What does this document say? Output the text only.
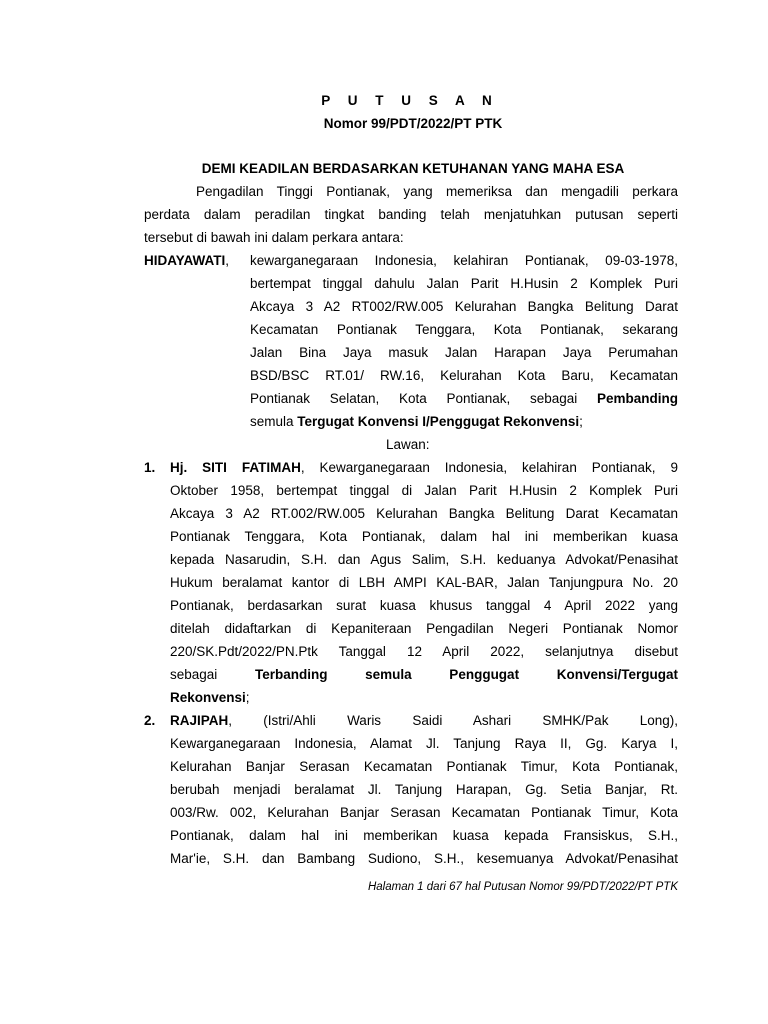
P U T U S A N
Nomor 99/PDT/2022/PT PTK
DEMI KEADILAN BERDASARKAN KETUHANAN YANG MAHA ESA
Pengadilan Tinggi Pontianak, yang memeriksa dan mengadili perkara
perdata dalam peradilan tingkat banding telah menjatuhkan putusan seperti
tersebut di bawah ini dalam perkara antara:
HIDAYAWATI, kewarganegaraan Indonesia, kelahiran Pontianak, 09-03-1978,
bertempat tinggal dahulu Jalan Parit H.Husin 2 Komplek Puri
Akcaya 3 A2 RT002/RW.005 Kelurahan Bangka Belitung Darat
Kecamatan Pontianak Tenggara, Kota Pontianak, sekarang
Jalan Bina Jaya masuk Jalan Harapan Jaya Perumahan
BSD/BSC RT.01/ RW.16, Kelurahan Kota Baru, Kecamatan
Pontianak Selatan, Kota Pontianak, sebagai Pembanding
semula Tergugat Konvensi I/Penggugat Rekonvensi;
Lawan:
1. Hj. SITI FATIMAH, Kewarganegaraan Indonesia, kelahiran Pontianak, 9
Oktober 1958, bertempat tinggal di Jalan Parit H.Husin 2 Komplek Puri
Akcaya 3 A2 RT.002/RW.005 Kelurahan Bangka Belitung Darat Kecamatan
Pontianak Tenggara, Kota Pontianak, dalam hal ini memberikan kuasa
kepada Nasarudin, S.H. dan Agus Salim, S.H. keduanya Advokat/Penasihat
Hukum beralamat kantor di LBH AMPI KAL-BAR, Jalan Tanjungpura No. 20
Pontianak, berdasarkan surat kuasa khusus tanggal 4 April 2022 yang
ditelah didaftarkan di Kepaniteraan Pengadilan Negeri Pontianak Nomor
220/SK.Pdt/2022/PN.Ptk Tanggal 12 April 2022, selanjutnya disebut
sebagai	Terbanding semula Penggugat Konvensi/Tergugat
Rekonvensi;
2. RAJIPAH, (Istri/Ahli Waris Saidi Ashari SMHK/Pak Long),
Kewarganegaraan Indonesia, Alamat Jl. Tanjung Raya II, Gg. Karya I,
Kelurahan Banjar Serasan Kecamatan Pontianak Timur, Kota Pontianak,
berubah menjadi beralamat Jl. Tanjung Harapan, Gg. Setia Banjar, Rt.
003/Rw. 002, Kelurahan Banjar Serasan Kecamatan Pontianak Timur, Kota
Pontianak, dalam hal ini memberikan kuasa kepada Fransiskus, S.H.,
Mar'ie, S.H. dan Bambang Sudiono, S.H., kesemuanya Advokat/Penasihat
Halaman 1 dari 67 hal Putusan Nomor 99/PDT/2022/PT PTK
